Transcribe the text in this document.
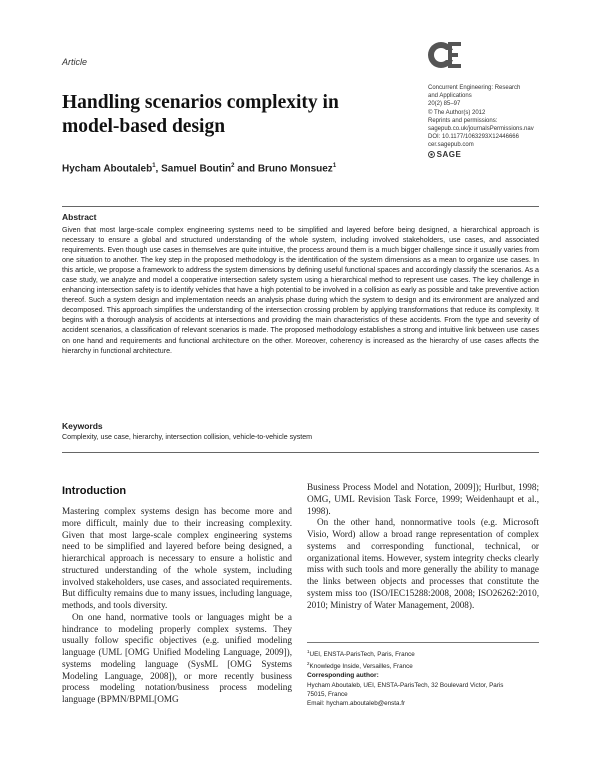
Article
Concurrent Engineering: Research
and Applications
20(2) 85–97
© The Author(s) 2012
Reprints and permissions:
sagepub.co.uk/journalsPermissions.nav
DOI: 10.1177/1063293X12446666
cer.sagepub.com
SAGE
Handling scenarios complexity in model-based design
Hycham Aboutaleb$^1$, Samuel Boutin$^2$ and Bruno Monsuez$^1$
Abstract
Given that most large-scale complex engineering systems need to be simplified and layered before being designed, a hierarchical approach is necessary to ensure a global and structured understanding of the whole system, including involved stakeholders, use cases, and associated requirements. Even though use cases in themselves are quite intuitive, the process around them is a much bigger challenge since it usually varies from one situation to another. The key step in the proposed methodology is the identification of the system dimensions as a mean to organize use cases. In this article, we propose a framework to address the system dimensions by defining useful functional spaces and accordingly classify the scenarios. As a case study, we analyze and model a cooperative intersection safety system using a hierarchical method to represent use cases. The key challenge in enhancing intersection safety is to identify vehicles that have a high potential to be involved in a collision as early as possible and take preventive action thereof. Such a system design and implementation needs an analysis phase during which the system to design and its environment are analyzed and decomposed. This approach simplifies the understanding of the intersection crossing problem by applying transformations that reduce its complexity. It begins with a thorough analysis of accidents at intersections and providing the main characteristics of these accidents. From the type and severity of accident scenarios, a classification of relevant scenarios is made. The proposed methodology establishes a strong and intuitive link between use cases on one hand and requirements and functional architecture on the other. Moreover, coherency is increased as the hierarchy of use cases affects the hierarchy in functional architecture.
Keywords
Complexity, use case, hierarchy, intersection collision, vehicle-to-vehicle system
Introduction

Mastering complex systems design has become more and more difficult, mainly due to their increasing complexity. Given that most large-scale complex engineering systems need to be simplified and layered before being designed, a hierarchical approach is necessary to ensure a holistic and structured understanding of the whole system, including involved stakeholders, use cases, and associated requirements. But difficulty remains due to many issues, including language, methods, and tools diversity.

On one hand, normative tools or languages might be a hindrance to modeling properly complex systems. They usually follow specific objectives (e.g. unified modeling language (UML [OMG Unified Modeling Language, 2009]), systems modeling language (SysML [OMG Systems Modeling Language, 2008]), or more recently business process modeling notation/business process modeling language (BPMN/BPML[OMG

Business Process Model and Notation, 2009]); Hurlbut, 1998; OMG, UML Revision Task Force, 1999; Weidenhaupt et al., 1998).

On the other hand, nonnormative tools (e.g. Microsoft Visio, Word) allow a broad range representation of complex systems and corresponding functional, technical, or organizational items. However, system integrity checks clearly miss with such tools and more generally the ability to manage the links between objects and processes that constitute the system miss too (ISO/IEC15288:2008, 2008; ISO26262:2010, 2010; Ministry of Water Management, 2008).

$^1$UEI, ENSTA-ParisTech, Paris, France
$^2$Knowledge Inside, Versailles, France
Corresponding author:
Hycham Aboutaleb, UEI, ENSTA-ParisTech, 32 Boulevard Victor, Paris
75015, France
Email: hycham.aboutaleb@ensta.fr
